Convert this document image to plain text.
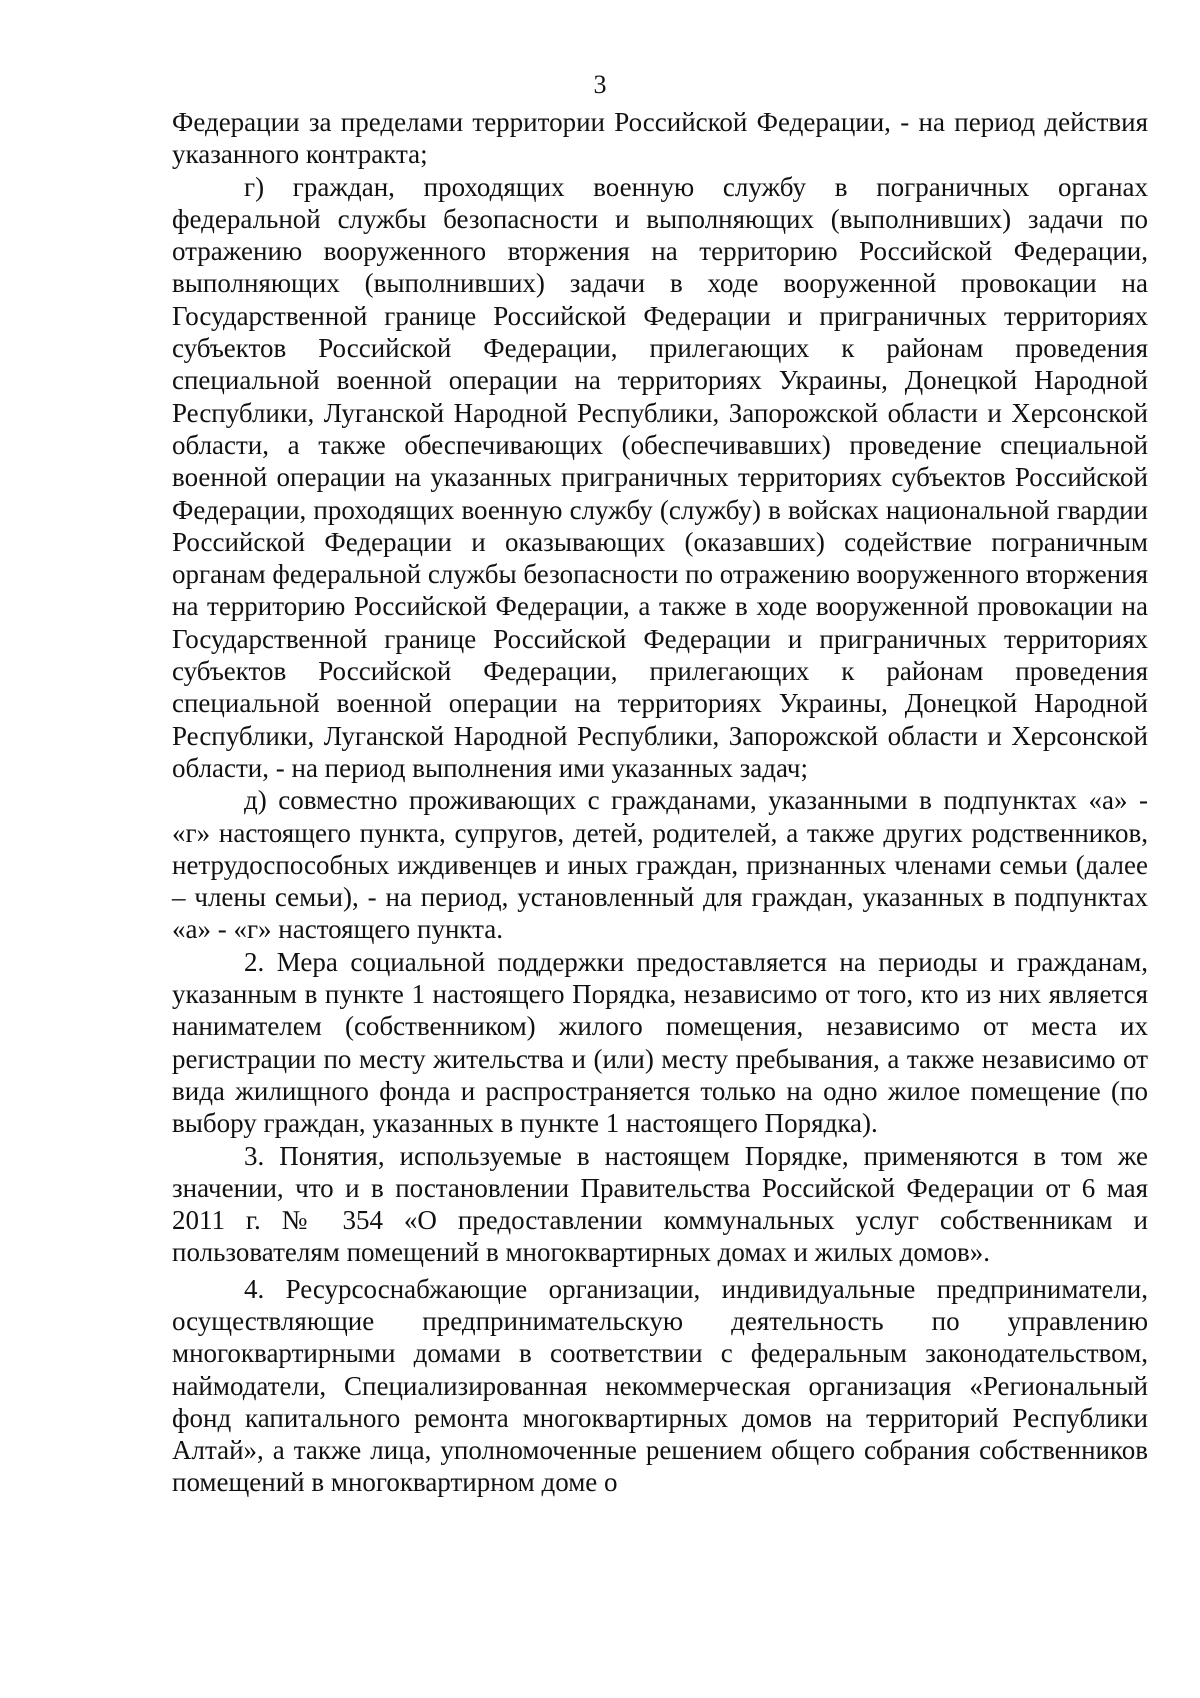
3

Федерации за пределами территории Российской Федерации, - на период действия указанного контракта;

г) граждан, проходящих военную службу в пограничных органах федеральной службы безопасности и выполняющих (выполнивших) задачи по отражению вооруженного вторжения на территорию Российской Федерации, выполняющих (выполнивших) задачи в ходе вооруженной провокации на Государственной границе Российской Федерации и приграничных территориях субъектов Российской Федерации, прилегающих к районам проведения специальной военной операции на территориях Украины, Донецкой Народной Республики, Луганской Народной Республики, Запорожской области и Херсонской области, а также обеспечивающих (обеспечивавших) проведение специальной военной операции на указанных приграничных территориях субъектов Российской Федерации, проходящих военную службу (службу) в войсках национальной гвардии Российской Федерации и оказывающих (оказавших) содействие пограничным органам федеральной службы безопасности по отражению вооруженного вторжения на территорию Российской Федерации, а также в ходе вооруженной провокации на Государственной границе Российской Федерации и приграничных территориях субъектов Российской Федерации, прилегающих к районам проведения специальной военной операции на территориях Украины, Донецкой Народной Республики, Луганской Народной Республики, Запорожской области и Херсонской области, - на период выполнения ими указанных задач;

д) совместно проживающих с гражданами, указанными в подпунктах «а» - «г» настоящего пункта, супругов, детей, родителей, а также других родственников, нетрудоспособных иждивенцев и иных граждан, признанных членами семьи (далее – члены семьи), - на период, установленный для граждан, указанных в подпунктах «а» - «г» настоящего пункта.

2. Мера социальной поддержки предоставляется на периоды и гражданам, указанным в пункте 1 настоящего Порядка, независимо от того, кто из них является нанимателем (собственником) жилого помещения, независимо от места их регистрации по месту жительства и (или) месту пребывания, а также независимо от вида жилищного фонда и распространяется только на одно жилое помещение (по выбору граждан, указанных в пункте 1 настоящего Порядка).

3. Понятия, используемые в настоящем Порядке, применяются в том же значении, что и в постановлении Правительства Российской Федерации от 6 мая 2011 г. № 354 «О предоставлении коммунальных услуг собственникам и пользователям помещений в многоквартирных домах и жилых домов».

4. Ресурсоснабжающие организации, индивидуальные предприниматели, осуществляющие предпринимательскую деятельность по управлению многоквартирными домами в соответствии с федеральным законодательством, наймодатели, Специализированная некоммерческая организация «Региональный фонд капитального ремонта многоквартирных домов на территорий Республики Алтай», а также лица, уполномоченные решением общего собрания собственников помещений в многоквартирном доме о
